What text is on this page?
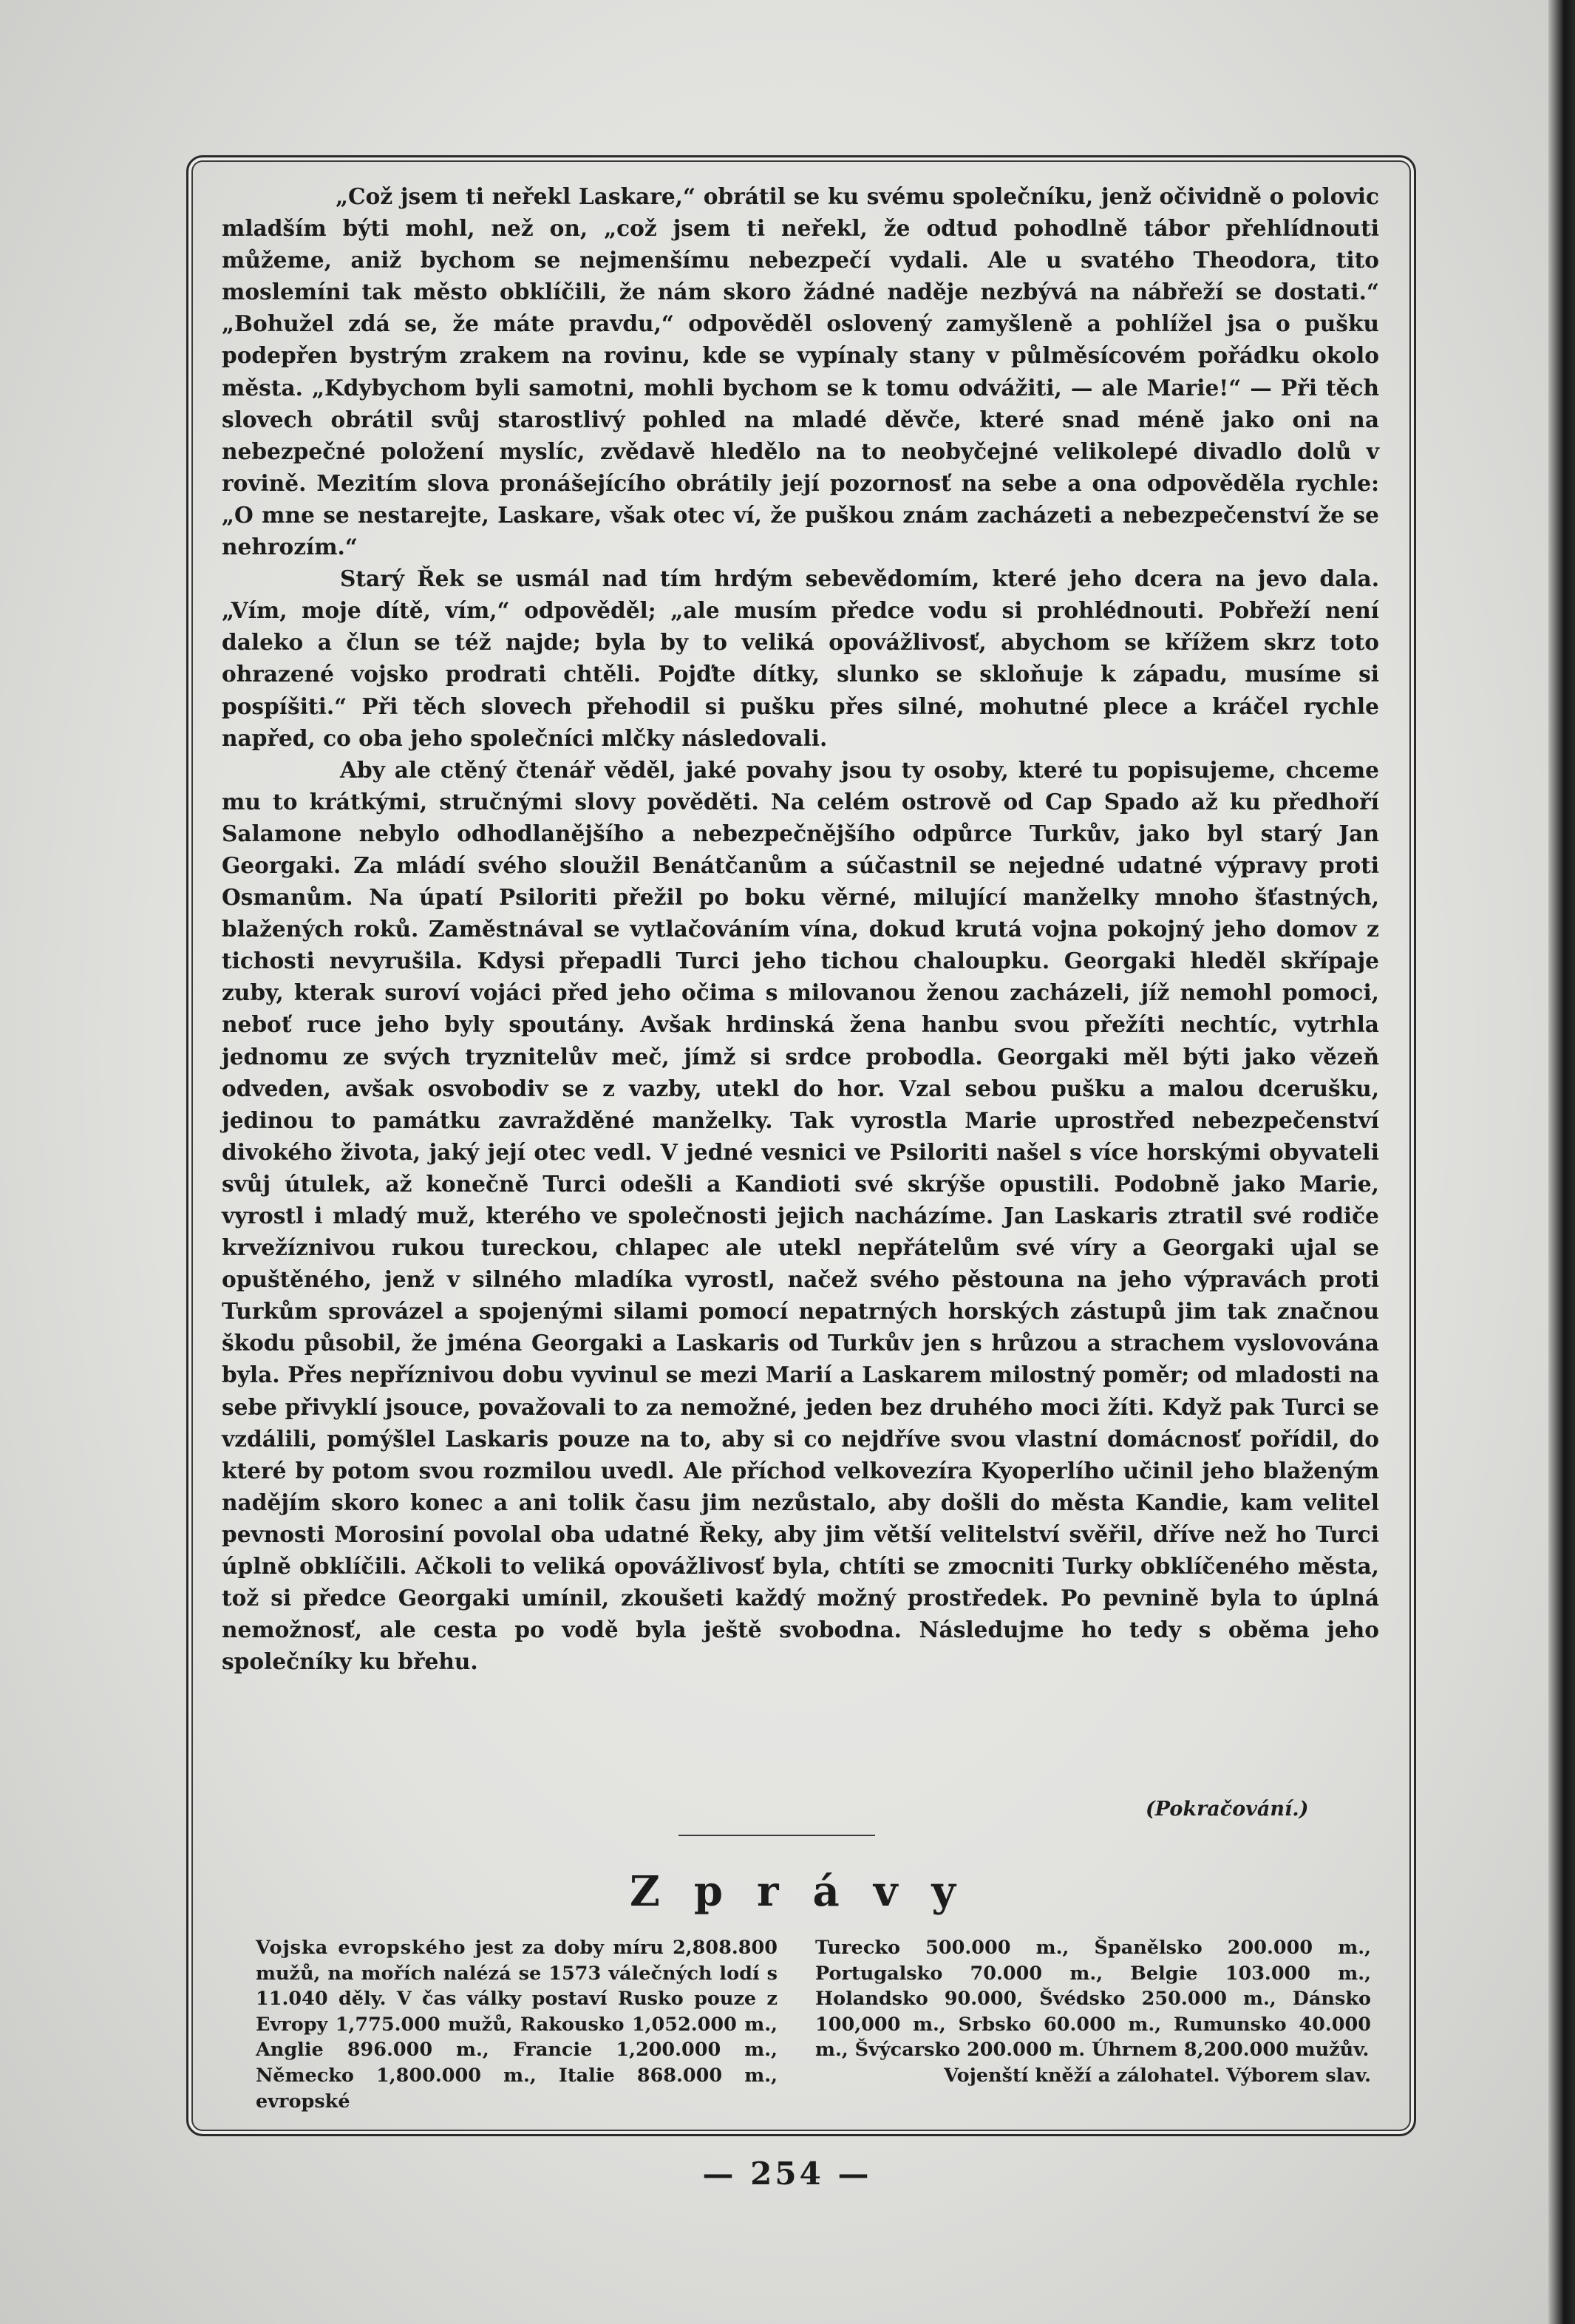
„Což jsem ti neřekl Laskare,“ obrátil se ku svému společníku, jenž očividně o polovic mladším býti mohl, než on, „což jsem ti neřekl, že odtud pohodlně tábor přehlídnouti můžeme, aniž bychom se nejmenšímu nebezpečí vydali. Ale u svatého Theodora, tito moslemíni tak město obklíčili, že nám skoro žádné naděje nezbývá na nábřeží se dostati.“ „Bohužel zdá se, že máte pravdu,“ odpověděl oslovený zamyšleně a pohlížel jsa o pušku podepřen bystrým zrakem na rovinu, kde se vypínaly stany v půlměsícovém pořádku okolo města. „Kdybychom byli samotni, mohli bychom se k tomu odvážiti, — ale Marie!“ — Při těch slovech obrátil svůj starostlivý pohled na mladé děvče, které snad méně jako oni na nebezpečné položení myslíc, zvědavě hledělo na to neobyčejné velikolepé divadlo dolů v rovině. Mezitím slova pronášejícího obrátily její pozornosť na sebe a ona odpověděla rychle: „O mne se nestarejte, Laskare, však otec ví, že puškou znám zacházeti a nebezpečenství že se nehrozím.“

Starý Řek se usmál nad tím hrdým sebevědomím, které jeho dcera na jevo dala. „Vím, moje dítě, vím,“ odpověděl; „ale musím předce vodu si prohlédnouti. Pobřeží není daleko a člun se též najde; byla by to veliká opovážlivosť, abychom se křížem skrz toto ohrazené vojsko prodrati chtěli. Pojďte dítky, slunko se skloňuje k západu, musíme si pospíšiti.“ Při těch slovech přehodil si pušku přes silné, mohutné plece a kráčel rychle napřed, co oba jeho společníci mlčky následovali.

Aby ale ctěný čtenář věděl, jaké povahy jsou ty osoby, které tu popisujeme, chceme mu to krátkými, stručnými slovy pověděti. Na celém ostrově od Cap Spado až ku předhoří Salamone nebylo odhodlanějšího a nebezpečnějšího odpůrce Turkův, jako byl starý Jan Georgaki. Za mládí svého sloužil Benátčanům a súčastnil se nejedné udatné výpravy proti Osmanům. Na úpatí Psiloriti přežil po boku věrné, milující manželky mnoho šťastných, blažených roků. Zaměstnával se vytlačováním vína, dokud krutá vojna pokojný jeho domov z tichosti nevyrušila. Kdysi přepadli Turci jeho tichou chaloupku. Georgaki hleděl skřípaje zuby, kterak suroví vojáci před jeho očima s milovanou ženou zacházeli, jíž nemohl pomoci, neboť ruce jeho byly spoutány. Avšak hrdinská žena hanbu svou přežíti nechtíc, vytrhla jednomu ze svých tryznitelův meč, jímž si srdce probodla. Georgaki měl býti jako vězeň odveden, avšak osvobodiv se z vazby, utekl do hor. Vzal sebou pušku a malou dcerušku, jedinou to památku zavražděné manželky. Tak vyrostla Marie uprostřed nebezpečenství divokého života, jaký její otec vedl. V jedné vesnici ve Psiloriti našel s více horskými obyvateli svůj útulek, až konečně Turci odešli a Kandioti své skrýše opustili. Podobně jako Marie, vyrostl i mladý muž, kterého ve společnosti jejich nacházíme. Jan Laskaris ztratil své rodiče krvežíznivou rukou tureckou, chlapec ale utekl nepřátelům své víry a Georgaki ujal se opuštěného, jenž v silného mladíka vyrostl, načež svého pěstouna na jeho výpravách proti Turkům sprovázel a spojenými silami pomocí nepatrných horských zástupů jim tak značnou škodu působil, že jména Georgaki a Laskaris od Turkův jen s hrůzou a strachem vyslovována byla. Přes nepříznivou dobu vyvinul se mezi Marií a Laskarem milostný poměr; od mladosti na sebe přivyklí jsouce, považovali to za nemožné, jeden bez druhého moci žíti. Když pak Turci se vzdálili, pomýšlel Laskaris pouze na to, aby si co nejdříve svou vlastní domácnosť pořídil, do které by potom svou rozmilou uvedl. Ale příchod velkovezíra Kyoperlího učinil jeho blaženým nadějím skoro konec a ani tolik času jim nezůstalo, aby došli do města Kandie, kam velitel pevnosti Morosiní povolal oba udatné Řeky, aby jim větší velitelství svěřil, dříve než ho Turci úplně obklíčili. Ačkoli to veliká opovážlivosť byla, chtíti se zmocniti Turky obklíčeného města, tož si předce Georgaki umínil, zkoušeti každý možný prostředek. Po pevnině byla to úplná nemožnosť, ale cesta po vodě byla ještě svobodna. Následujme ho tedy s oběma jeho společníky ku břehu.

(Pokračování.)
Zprávy
Vojska evropského jest za doby míru 2,808.800 mužů, na mořích nalézá se 1573 válečných lodí s 11.040 děly. V čas války postaví Rusko pouze z Evropy 1,775.000 mužů, Rakousko 1,052.000 m., Anglie 896.000 m., Francie 1,200.000 m., Německo 1,800.000 m., Italie 868.000 m., evropské
Turecko 500.000 m., Španělsko 200.000 m., Portugalsko 70.000 m., Belgie 103.000 m., Holandsko 90.000, Švédsko 250.000 m., Dánsko 100,000 m., Srbsko 60.000 m., Rumunsko 40.000 m., Švýcarsko 200.000 m. Úhrnem 8,200.000 mužův.
Vojenští kněží a zálohatel. Výborem slav.
— 254 —
